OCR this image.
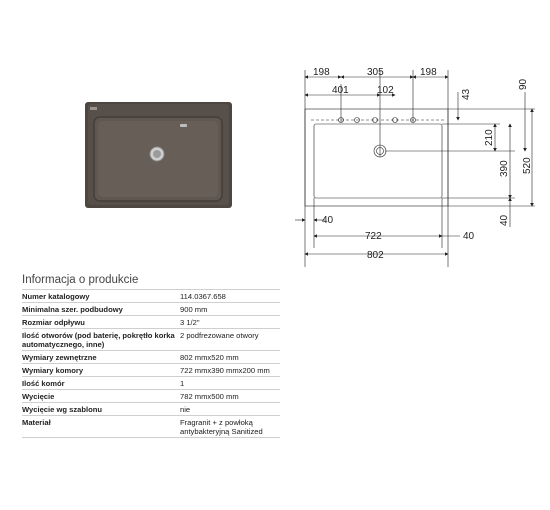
198	305	198
401	102	43
90
210
390 520
40
40
722	40
802
Informacja o produkcie
Numer katalogowy	114.0367.658
Minimalna szer. podbudowy	900 mm
Rozmiar odpływu	3 1/2"
Ilość otworów (pod baterię, pokrętło korka automatycznego, inne)	2 podfrezowane otwory
Wymiary zewnętrzne	802 mmx520 mm
Wymiary komory	722 mmx390 mmx200 mm
Ilość komór	1
Wycięcie	782 mmx500 mm
Wycięcie wg szablonu	nie
Materiał	Fragranit + z powłoką antybakteryjną Sanitized
